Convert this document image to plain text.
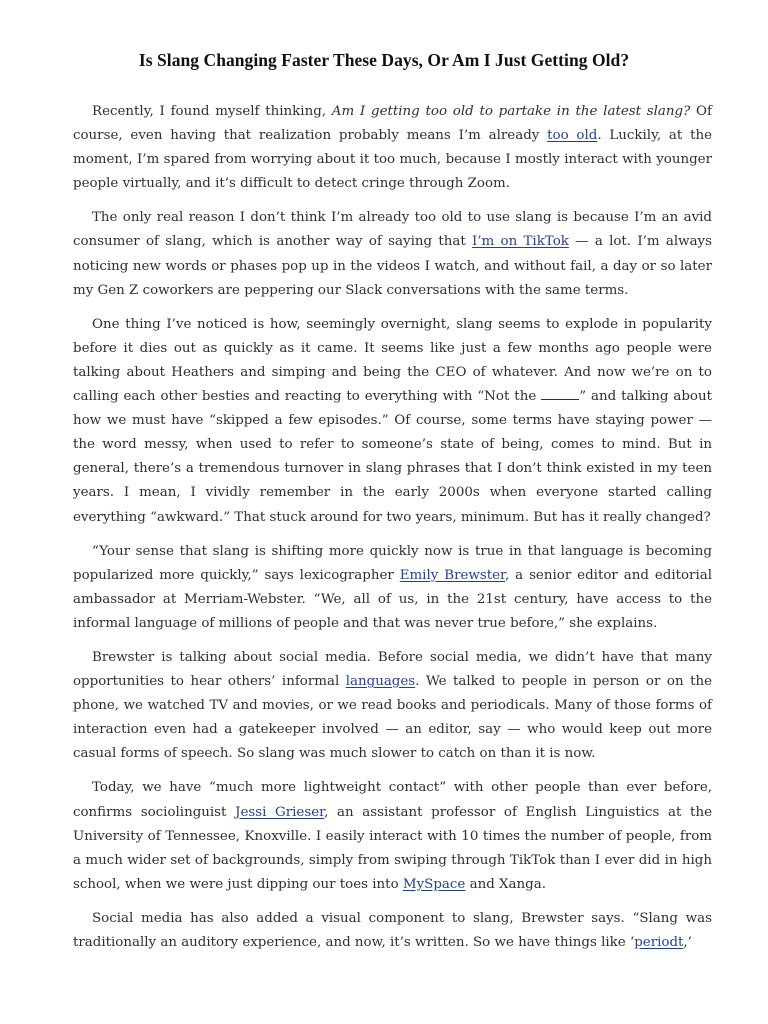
Is Slang Changing Faster These Days, Or Am I Just Getting Old?

Recently, I found myself thinking, Am I getting too old to partake in the latest slang? Of course, even having that realization probably means I’m already too old. Luckily, at the moment, I’m spared from worrying about it too much, because I mostly interact with younger people virtually, and it’s difficult to detect cringe through Zoom.

The only real reason I don’t think I’m already too old to use slang is because I’m an avid consumer of slang, which is another way of saying that I’m on TikTok — a lot. I’m always noticing new words or phases pop up in the videos I watch, and without fail, a day or so later my Gen Z coworkers are peppering our Slack conversations with the same terms.

One thing I’ve noticed is how, seemingly overnight, slang seems to explode in popularity before it dies out as quickly as it came. It seems like just a few months ago people were talking about Heathers and simping and being the CEO of whatever. And now we’re on to calling each other besties and reacting to everything with “Not the	” and talking about how we must have “skipped a few episodes.” Of course, some terms have staying power — the word messy, when used to refer to someone’s state of being, comes to mind. But in general, there’s a tremendous turnover in slang phrases that I don’t think existed in my teen years. I mean, I vividly remember in the early 2000s when everyone started calling everything “awkward.” That stuck around for two years, minimum. But has it really changed?

“Your sense that slang is shifting more quickly now is true in that language is becoming popularized more quickly,” says lexicographer Emily Brewster, a senior editor and editorial ambassador at Merriam-Webster. “We, all of us, in the 21st century, have access to the informal language of millions of people and that was never true before,” she explains.

Brewster is talking about social media. Before social media, we didn’t have that many opportunities to hear others’ informal languages. We talked to people in person or on the phone, we watched TV and movies, or we read books and periodicals. Many of those forms of interaction even had a gatekeeper involved — an editor, say — who would keep out more casual forms of speech. So slang was much slower to catch on than it is now.

Today, we have “much more lightweight contact” with other people than ever before, confirms sociolinguist Jessi Grieser, an assistant professor of English Linguistics at the University of Tennessee, Knoxville. I easily interact with 10 times the number of people, from a much wider set of backgrounds, simply from swiping through TikTok than I ever did in high school, when we were just dipping our toes into MySpace and Xanga.

Social media has also added a visual component to slang, Brewster says. “Slang was traditionally an auditory experience, and now, it’s written. So we have things like ‘periodt,’
